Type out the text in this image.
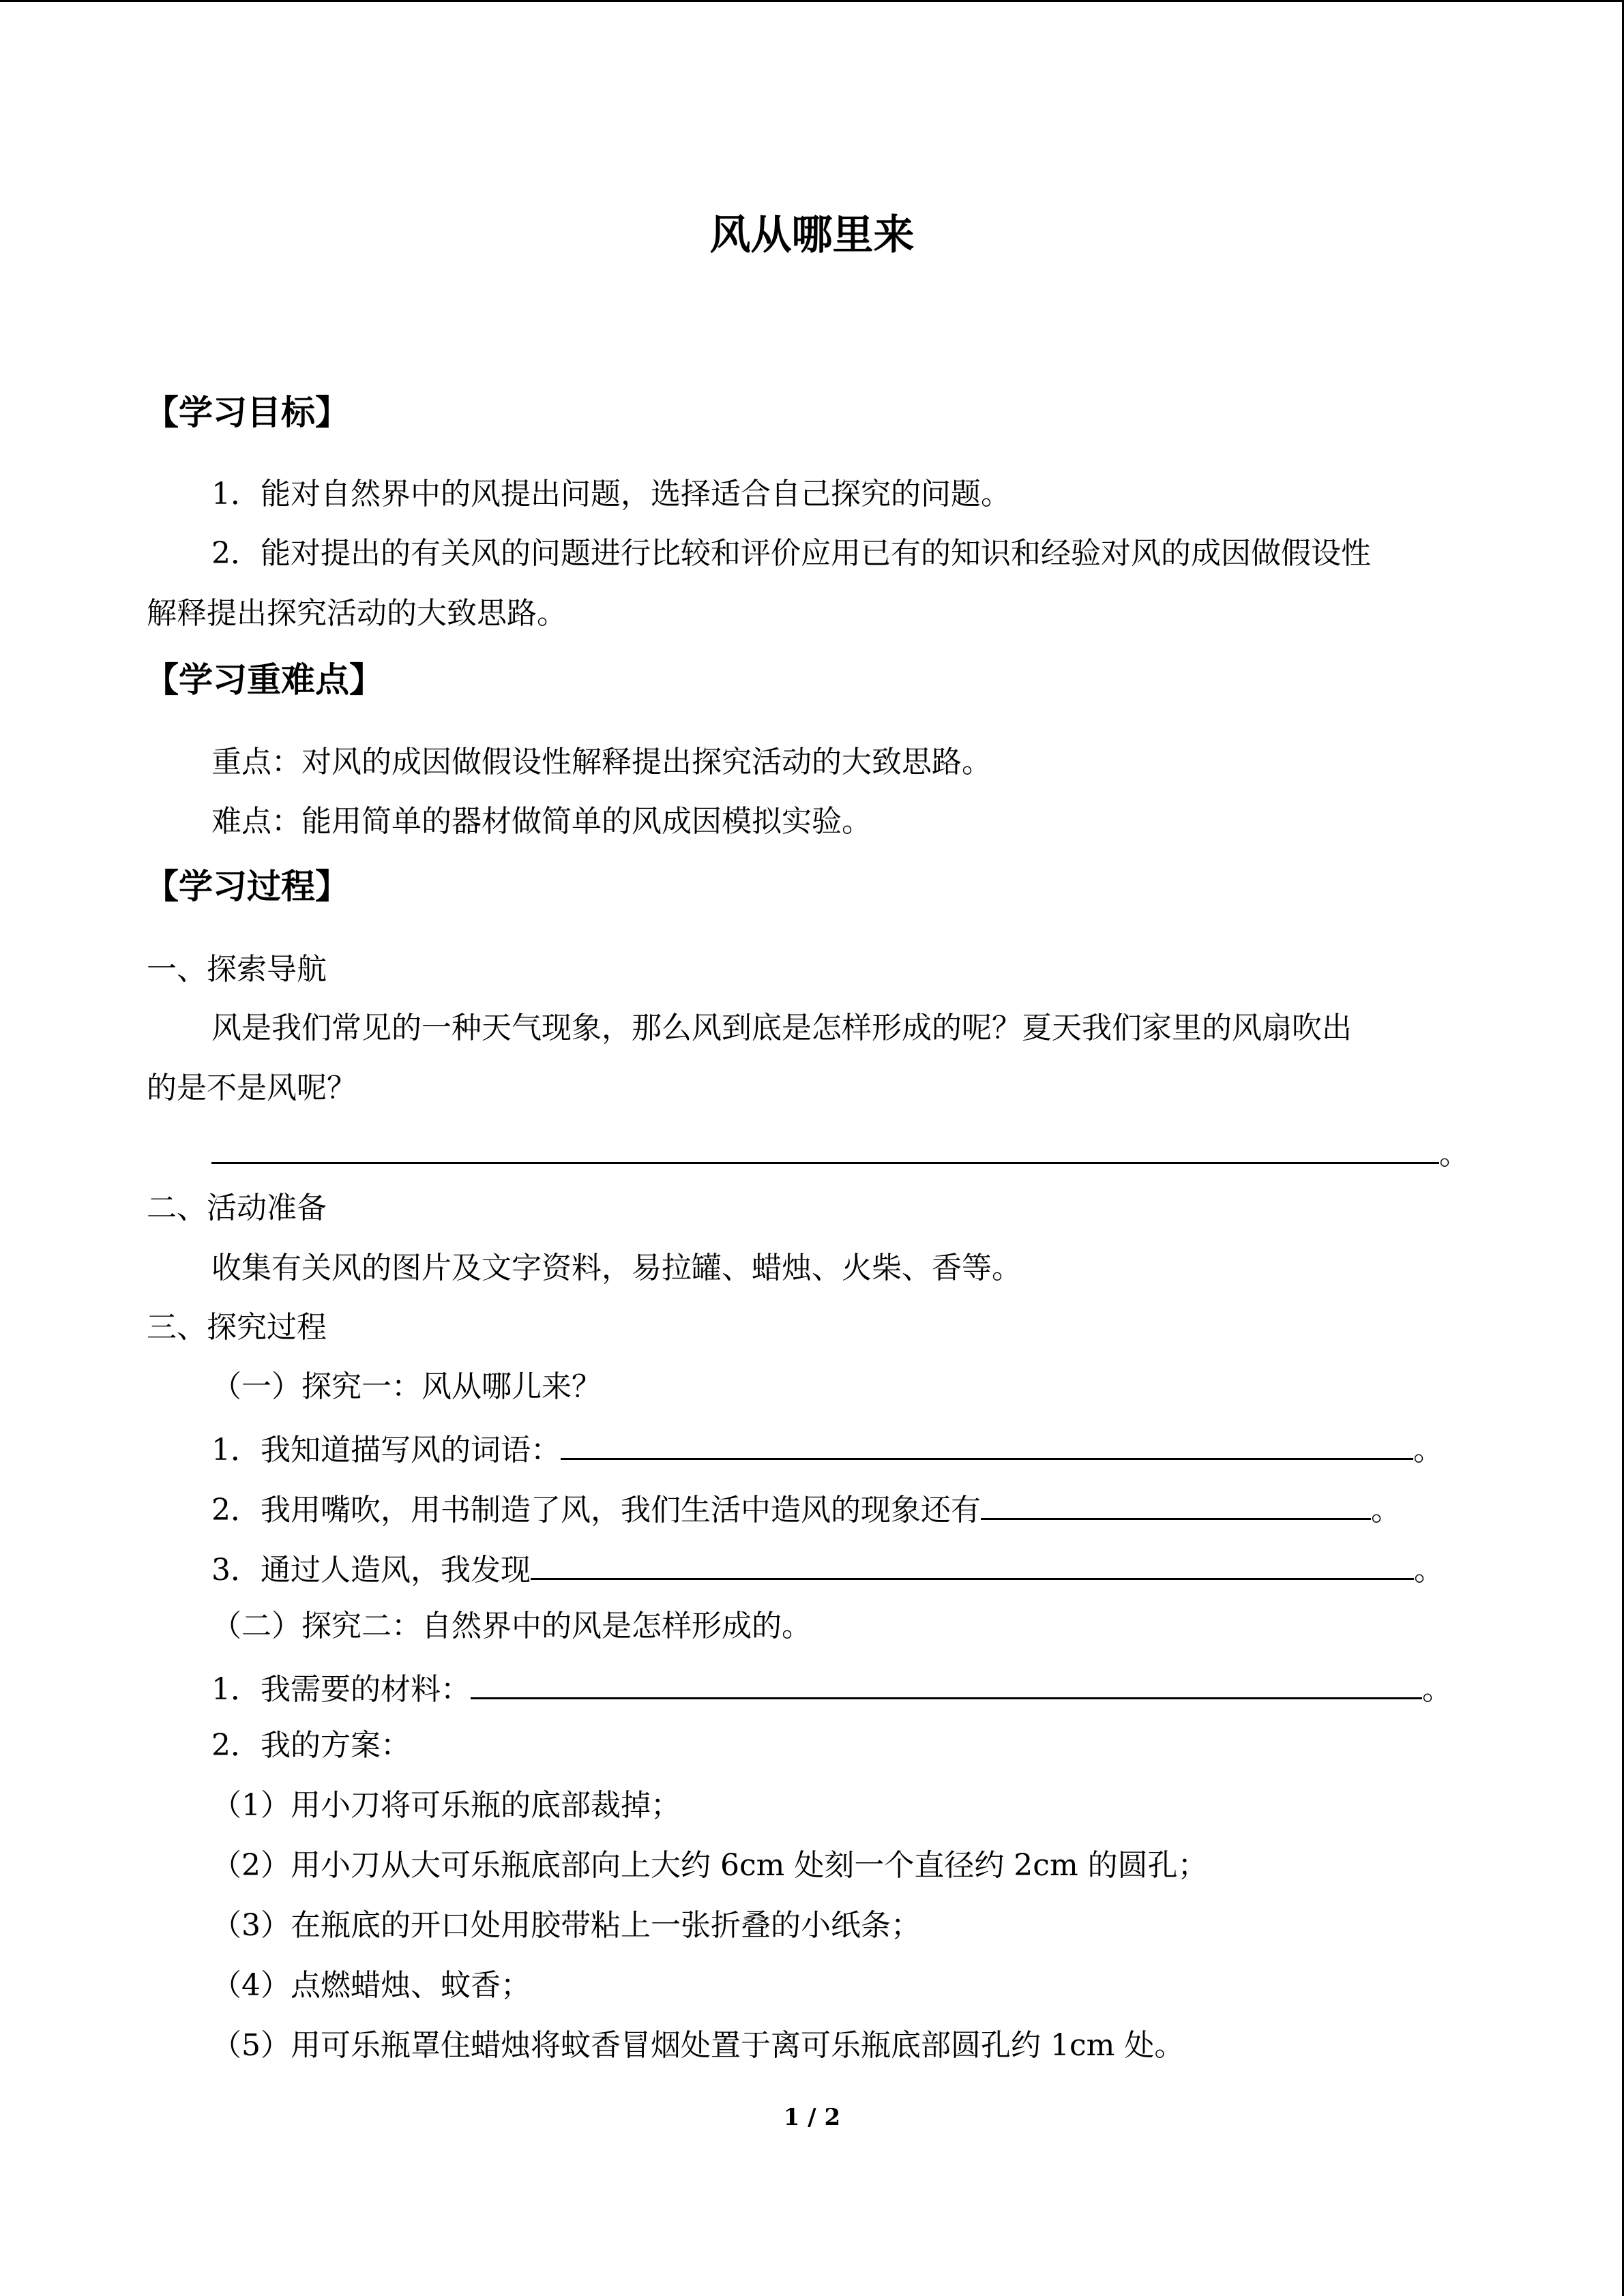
风从哪里来
【学习目标】
1．能对自然界中的风提出问题，选择适合自己探究的问题。
2．能对提出的有关风的问题进行比较和评价应用已有的知识和经验对风的成因做假设性
解释提出探究活动的大致思路。
【学习重难点】
重点：对风的成因做假设性解释提出探究活动的大致思路。
难点：能用简单的器材做简单的风成因模拟实验。
【学习过程】
一、探索导航
风是我们常见的一种天气现象，那么风到底是怎样形成的呢？夏天我们家里的风扇吹出
的是不是风呢？
。
二、活动准备
收集有关风的图片及文字资料，易拉罐、蜡烛、火柴、香等。
三、探究过程
（一）探究一：风从哪儿来？
1．我知道描写风的词语：	。
2．我用嘴吹，用书制造了风，我们生活中造风的现象还有	。
3．通过人造风，我发现	。
（二）探究二：自然界中的风是怎样形成的。
1．我需要的材料：	。
2．我的方案：
（1）用小刀将可乐瓶的底部裁掉；
（2）用小刀从大可乐瓶底部向上大约 6cm 处刻一个直径约 2cm 的圆孔；
（3）在瓶底的开口处用胶带粘上一张折叠的小纸条；
（4）点燃蜡烛、蚊香；
（5）用可乐瓶罩住蜡烛将蚊香冒烟处置于离可乐瓶底部圆孔约 1cm 处。
1 / 2
